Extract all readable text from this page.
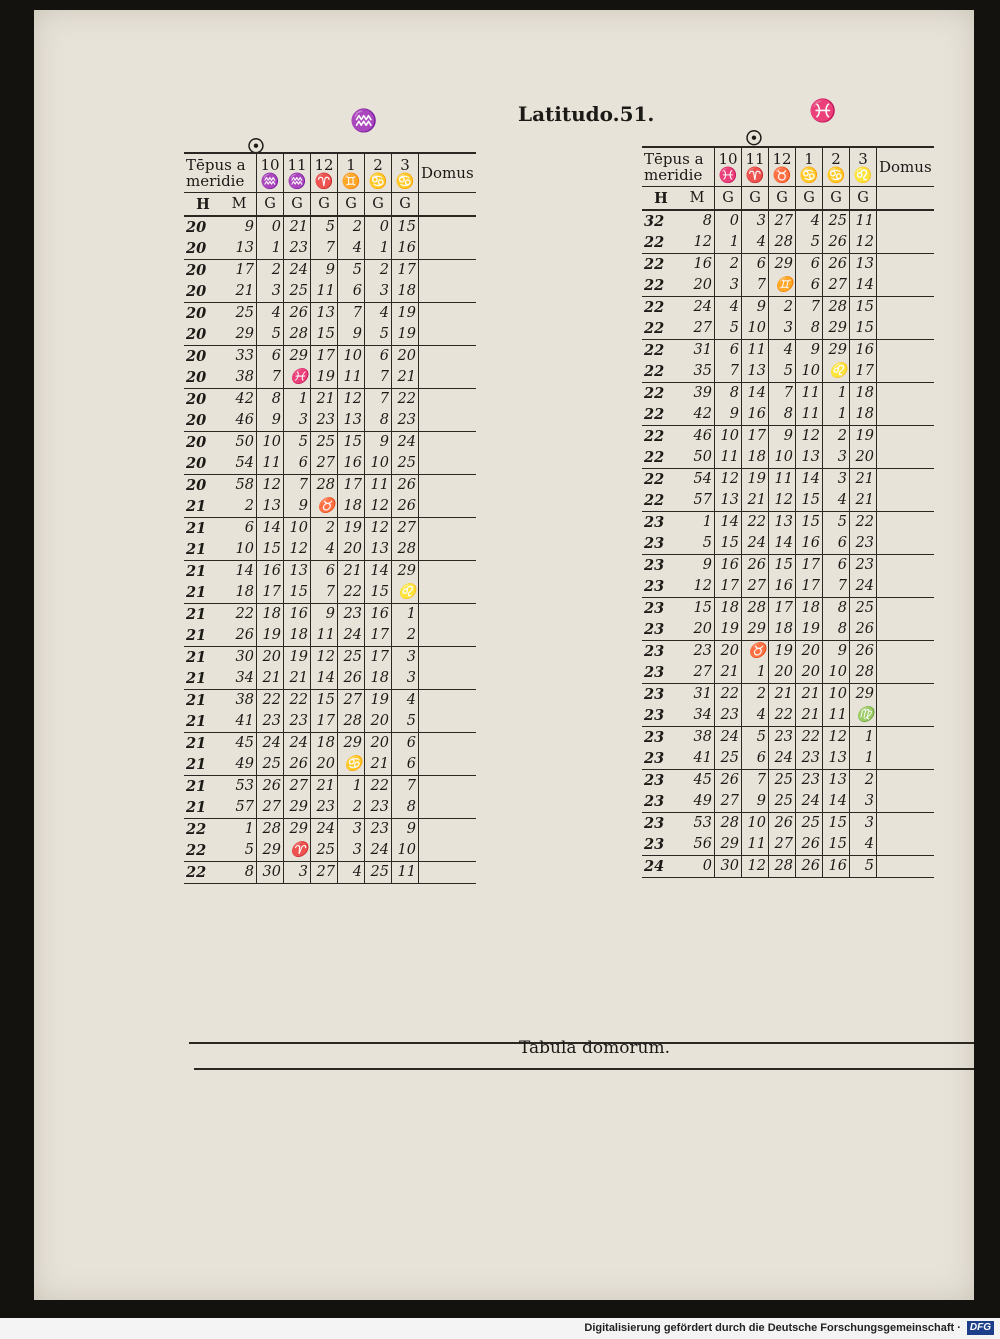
♒	Latitudo.51.	♓
☉	☉
Tēpus a meridie		10 ♒	11 ♒	12 ♈	1 ♊	2 ♋	3 ♋	Domus
H	M	G	G	G	G	G	G	
20	9	0	21	5	2	0	15	
20	13	1	23	7	4	1	16	
20	17	2	24	9	5	2	17	
20	21	3	25	11	6	3	18	
20	25	4	26	13	7	4	19	
20	29	5	28	15	9	5	19	
20	33	6	29	17	10	6	20	
20	38	7	♓	19	11	7	21	
20	42	8	1	21	12	7	22	
20	46	9	3	23	13	8	23	
20	50	10	5	25	15	9	24	
20	54	11	6	27	16	10	25	
20	58	12	7	28	17	11	26	
21	2	13	9	♉	18	12	26	
21	6	14	10	2	19	12	27	
21	10	15	12	4	20	13	28	
21	14	16	13	6	21	14	29	
21	18	17	15	7	22	15	♌	
21	22	18	16	9	23	16	1	
21	26	19	18	11	24	17	2	
21	30	20	19	12	25	17	3	
21	34	21	21	14	26	18	3	
21	38	22	22	15	27	19	4	
21	41	23	23	17	28	20	5	
21	45	24	24	18	29	20	6	
21	49	25	26	20	♋	21	6	
21	53	26	27	21	1	22	7	
21	57	27	29	23	2	23	8	
22	1	28	29	24	3	23	9	
22	5	29	♈	25	3	24	10	
22	8	30	3	27	4	25	11	
Tēpus a meridie		10 ♓	11 ♈	12 ♉	1 ♋	2 ♋	3 ♌	Domus
H	M	G	G	G	G	G	G	
32	8	0	3	27	4	25	11	
22	12	1	4	28	5	26	12	
22	16	2	6	29	6	26	13	
22	20	3	7	♊	6	27	14	
22	24	4	9	2	7	28	15	
22	27	5	10	3	8	29	15	
22	31	6	11	4	9	29	16	
22	35	7	13	5	10	♌	17	
22	39	8	14	7	11	1	18	
22	42	9	16	8	11	1	18	
22	46	10	17	9	12	2	19	
22	50	11	18	10	13	3	20	
22	54	12	19	11	14	3	21	
22	57	13	21	12	15	4	21	
23	1	14	22	13	15	5	22	
23	5	15	24	14	16	6	23	
23	9	16	26	15	17	6	23	
23	12	17	27	16	17	7	24	
23	15	18	28	17	18	8	25	
23	20	19	29	18	19	8	26	
23	23	20	♉	19	20	9	26	
23	27	21	1	20	20	10	28	
23	31	22	2	21	21	10	29	
23	34	23	4	22	21	11	♍	
23	38	24	5	23	22	12	1	
23	41	25	6	24	23	13	1	
23	45	26	7	25	23	13	2	
23	49	27	9	25	24	14	3	
23	53	28	10	26	25	15	3	
23	56	29	11	27	26	15	4	
24	0	30	12	28	26	16	5	
Tabula domorum.
Digitalisierung gefördert durch die Deutsche Forschungsgemeinschaft · DFG
